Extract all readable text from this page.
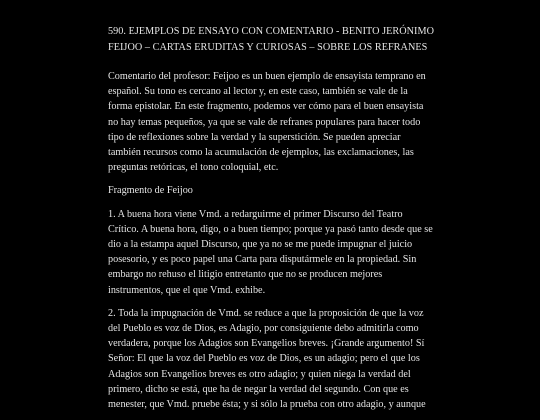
590. EJEMPLOS DE ENSAYO CON COMENTARIO - BENITO JERÓNIMO FEIJOO – CARTAS ERUDITAS Y CURIOSAS – SOBRE LOS REFRANES

Comentario del profesor: Feijoo es un buen ejemplo de ensayista temprano en español. Su tono es cercano al lector y, en este caso, también se vale de la forma epistolar. En este fragmento, podemos ver cómo para el buen ensayista no hay temas pequeños, ya que se vale de refranes populares para hacer todo tipo de reflexiones sobre la verdad y la superstición. Se pueden apreciar también recursos como la acumulación de ejemplos, las exclamaciones, las preguntas retóricas, el tono coloquial, etc.

Fragmento de Feijoo

1. A buena hora viene Vmd. a redarguirme el primer Discurso del Teatro Crítico. A buena hora, digo, o a buen tiempo; porque ya pasó tanto desde que se dio a la estampa aquel Discurso, que ya no se me puede impugnar el juicio posesorio, y es poco papel una Carta para disputármele en la propiedad. Sin embargo no rehuso el litigio entretanto que no se producen mejores instrumentos, que el que Vmd. exhibe.

2. Toda la impugnación de Vmd. se reduce a que la proposición de que la voz del Pueblo es voz de Dios, es Adagio, por consiguiente debo admitirla como verdadera, porque los Adagios son Evangelios breves. ¡Grande argumento! Sí Señor: El que la voz del Pueblo es voz de Dios, es un adagio; pero el que los Adagios son Evangelios breves es otro adagio; y quien niega la verdad del primero, dicho se está, que ha de negar la verdad del segundo. Con que es menester, que Vmd. pruebe ésta; y si sólo la prueba con otro adagio, y aunque
